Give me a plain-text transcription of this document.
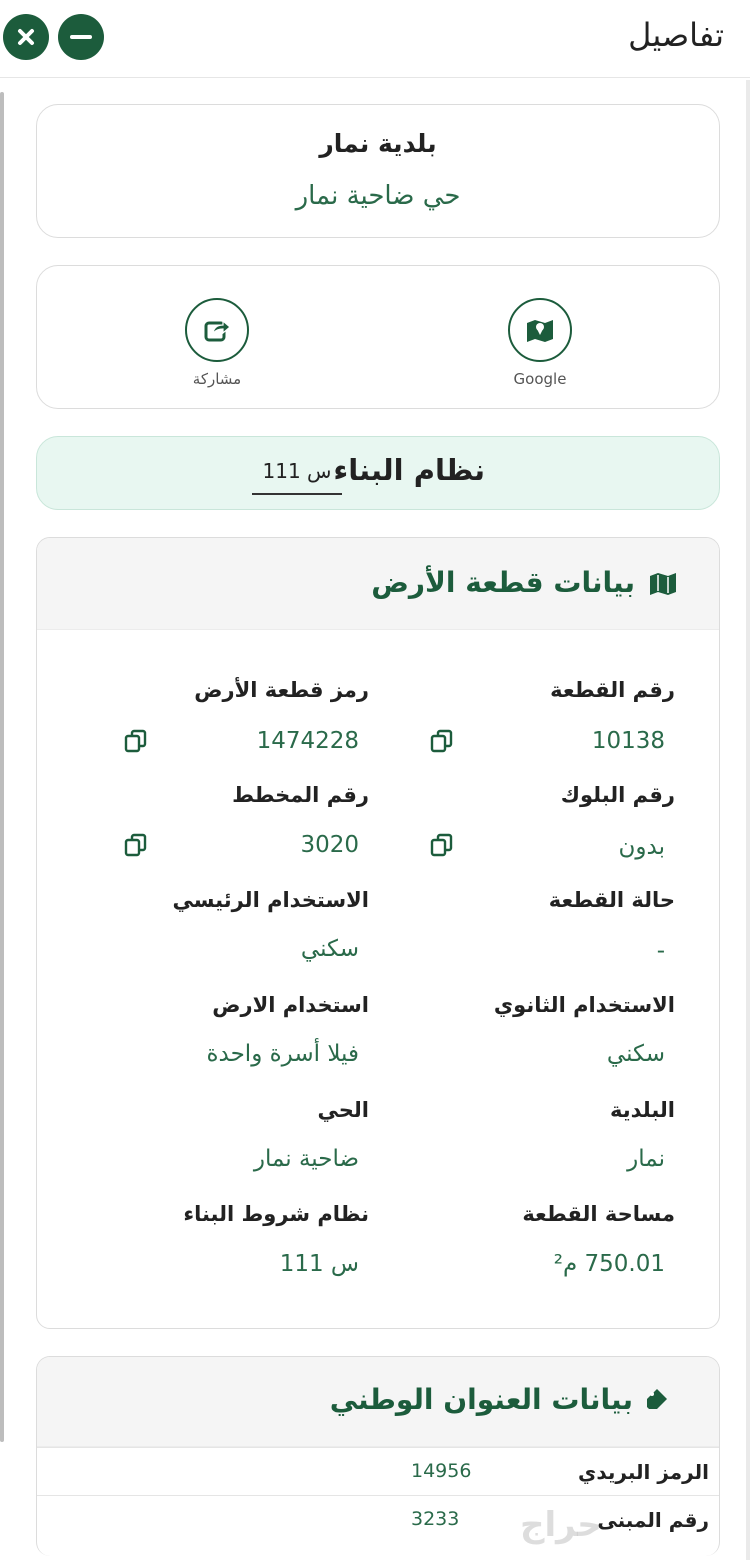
تفاصيل
بلدية نمار
حي ضاحية نمار
Google
مشاركة
نظام البناء
س 111
بيانات قطعة الأرض
رقم القطعة
رمز قطعة الأرض
10138
1474228
رقم البلوك
رقم المخطط
بدون
3020
حالة القطعة
الاستخدام الرئيسي
-
سكني
الاستخدام الثانوي
استخدام الارض
سكني
فيلا أسرة واحدة
البلدية
الحي
نمار
ضاحية نمار
مساحة القطعة
نظام شروط البناء
750.01 م²
س 111
بيانات العنوان الوطني
الرمز البريدي
14956
رقم المبنى
3233 حراج
